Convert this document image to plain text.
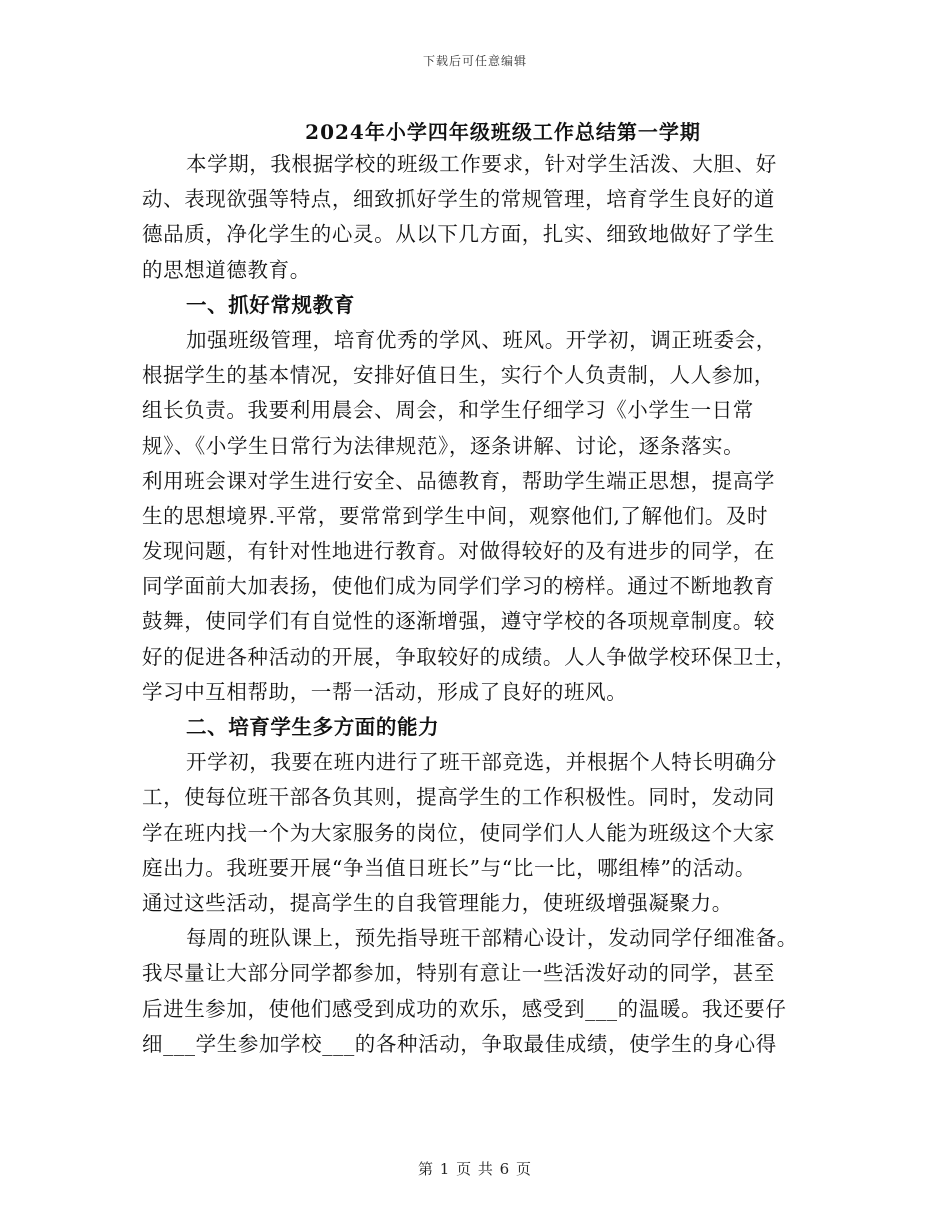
下载后可任意编辑
2024年小学四年级班级工作总结第一学期
本学期，我根据学校的班级工作要求，针对学生活泼、大胆、好
动、表现欲强等特点，细致抓好学生的常规管理，培育学生良好的道
德品质，净化学生的心灵。从以下几方面，扎实、细致地做好了学生
的思想道德教育。
一、抓好常规教育
加强班级管理，培育优秀的学风、班风。开学初，调正班委会，
根据学生的基本情况，安排好值日生，实行个人负责制，人人参加，
组长负责。我要利用晨会、周会，和学生仔细学习《小学生一日常
规》、《小学生日常行为法律规范》，逐条讲解、讨论，逐条落实。
利用班会课对学生进行安全、品德教育，帮助学生端正思想，提高学
生的思想境界.平常，要常常到学生中间，观察他们,了解他们。及时
发现问题，有针对性地进行教育。对做得较好的及有进步的同学，在
同学面前大加表扬，使他们成为同学们学习的榜样。通过不断地教育
鼓舞，使同学们有自觉性的逐渐增强，遵守学校的各项规章制度。较
好的促进各种活动的开展，争取较好的成绩。人人争做学校环保卫士，
学习中互相帮助，一帮一活动，形成了良好的班风。
二、培育学生多方面的能力
开学初，我要在班内进行了班干部竞选，并根据个人特长明确分
工，使每位班干部各负其则，提高学生的工作积极性。同时，发动同
学在班内找一个为大家服务的岗位，使同学们人人能为班级这个大家
庭出力。我班要开展“争当值日班长”与“比一比，哪组棒”的活动。
通过这些活动，提高学生的自我管理能力，使班级增强凝聚力。
每周的班队课上，预先指导班干部精心设计，发动同学仔细准备。
我尽量让大部分同学都参加，特别有意让一些活泼好动的同学，甚至
后进生参加，使他们感受到成功的欢乐，感受到___的温暖。我还要仔
细___学生参加学校___的各种活动，争取最佳成绩，使学生的身心得
第 1 页 共 6 页
